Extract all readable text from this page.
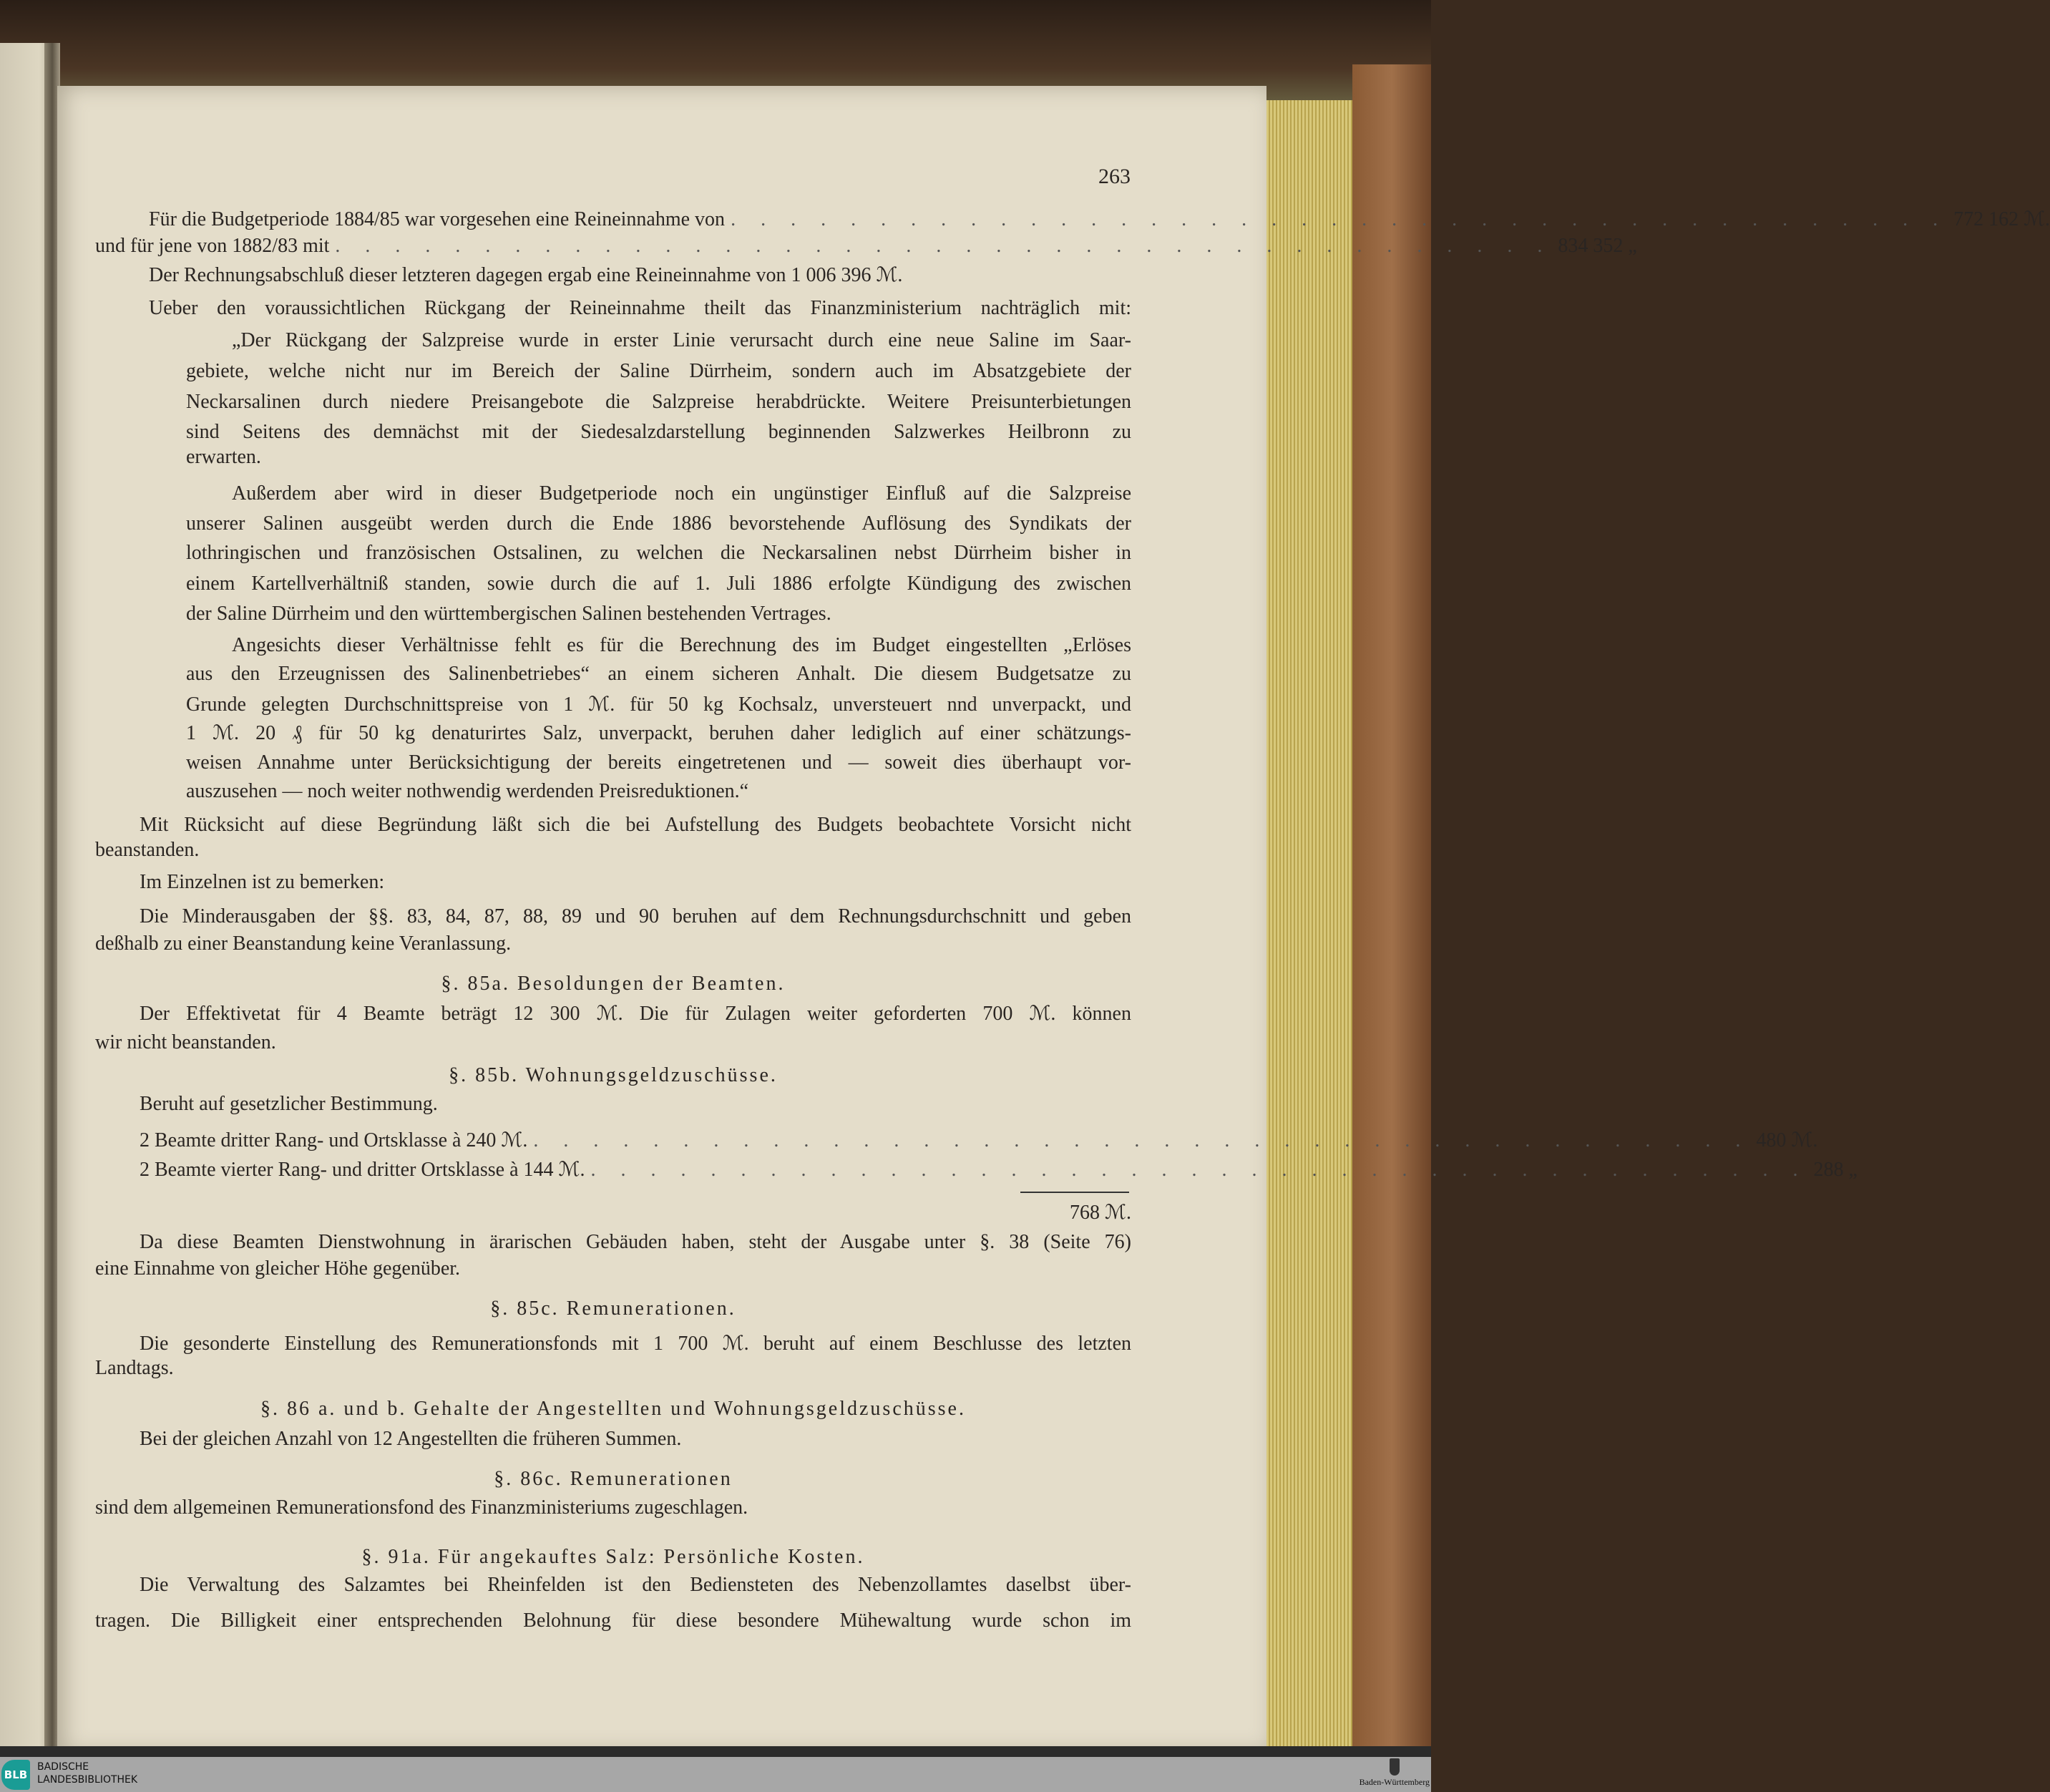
263
Für die Budgetperiode 1884/85 war vorgesehen eine Reineinnahme von . . . . . . . . . . . . . . . . . . . . . . . . . . . . . . . . . . . . . . . . . 772 162 ℳ.
und für jene von 1882/83 mit . . . . . . . . . . . . . . . . . . . . . . . . . . . . . . . . . . . . . . . . . 834 352 „
Der Rechnungsabschluß dieser letzteren dagegen ergab eine Reineinnahme von 1 006 396 ℳ.
Ueber den voraussichtlichen Rückgang der Reineinnahme theilt das Finanzministerium nachträglich mit:
„Der Rückgang der Salzpreise wurde in erster Linie verursacht durch eine neue Saline im Saar-
gebiete, welche nicht nur im Bereich der Saline Dürrheim, sondern auch im Absatzgebiete der
Neckarsalinen durch niedere Preisangebote die Salzpreise herabdrückte. Weitere Preisunterbietungen
sind Seitens des demnächst mit der Siedesalzdarstellung beginnenden Salzwerkes Heilbronn zu
erwarten.
Außerdem aber wird in dieser Budgetperiode noch ein ungünstiger Einfluß auf die Salzpreise
unserer Salinen ausgeübt werden durch die Ende 1886 bevorstehende Auflösung des Syndikats der
lothringischen und französischen Ostsalinen, zu welchen die Neckarsalinen nebst Dürrheim bisher in
einem Kartellverhältniß standen, sowie durch die auf 1. Juli 1886 erfolgte Kündigung des zwischen
der Saline Dürrheim und den württembergischen Salinen bestehenden Vertrages.
Angesichts dieser Verhältnisse fehlt es für die Berechnung des im Budget eingestellten „Erlöses
aus den Erzeugnissen des Salinenbetriebes“ an einem sicheren Anhalt. Die diesem Budgetsatze zu
Grunde gelegten Durchschnittspreise von 1 ℳ. für 50 kg Kochsalz, unversteuert nnd unverpackt, und
1 ℳ. 20 ₰ für 50 kg denaturirtes Salz, unverpackt, beruhen daher lediglich auf einer schätzungs-
weisen Annahme unter Berücksichtigung der bereits eingetretenen und — soweit dies überhaupt vor-
auszusehen — noch weiter nothwendig werdenden Preisreduktionen.“
Mit Rücksicht auf diese Begründung läßt sich die bei Aufstellung des Budgets beobachtete Vorsicht nicht
beanstanden.
Im Einzelnen ist zu bemerken:
Die Minderausgaben der §§. 83, 84, 87, 88, 89 und 90 beruhen auf dem Rechnungsdurchschnitt und geben
deßhalb zu einer Beanstandung keine Veranlassung.
§. 85a. Besoldungen der Beamten.
Der Effektivetat für 4 Beamte beträgt 12 300 ℳ. Die für Zulagen weiter geforderten 700 ℳ. können
wir nicht beanstanden.
§. 85b. Wohnungsgeldzuschüsse.
Beruht auf gesetzlicher Bestimmung.
2 Beamte dritter Rang- und Ortsklasse à 240 ℳ. . . . . . . . . . . . . . . . . . . . . . . . . . . . . . . . . . . . . . . . . . 480 ℳ.
2 Beamte vierter Rang- und dritter Ortsklasse à 144 ℳ. . . . . . . . . . . . . . . . . . . . . . . . . . . . . . . . . . . . . . . . . . 288 „
768 ℳ.
Da diese Beamten Dienstwohnung in ärarischen Gebäuden haben, steht der Ausgabe unter §. 38 (Seite 76)
eine Einnahme von gleicher Höhe gegenüber.
§. 85c. Remunerationen.
Die gesonderte Einstellung des Remunerationsfonds mit 1 700 ℳ. beruht auf einem Beschlusse des letzten
Landtags.
§. 86 a. und b. Gehalte der Angestellten und Wohnungsgeldzuschüsse.
Bei der gleichen Anzahl von 12 Angestellten die früheren Summen.
§. 86c. Remunerationen
sind dem allgemeinen Remunerationsfond des Finanzministeriums zugeschlagen.
§. 91a. Für angekauftes Salz: Persönliche Kosten.
Die Verwaltung des Salzamtes bei Rheinfelden ist den Bediensteten des Nebenzollamtes daselbst über-
tragen. Die Billigkeit einer entsprechenden Belohnung für diese besondere Mühewaltung wurde schon im
BLB
BADISCHE
LANDESBIBLIOTHEK	Baden-Württemberg
